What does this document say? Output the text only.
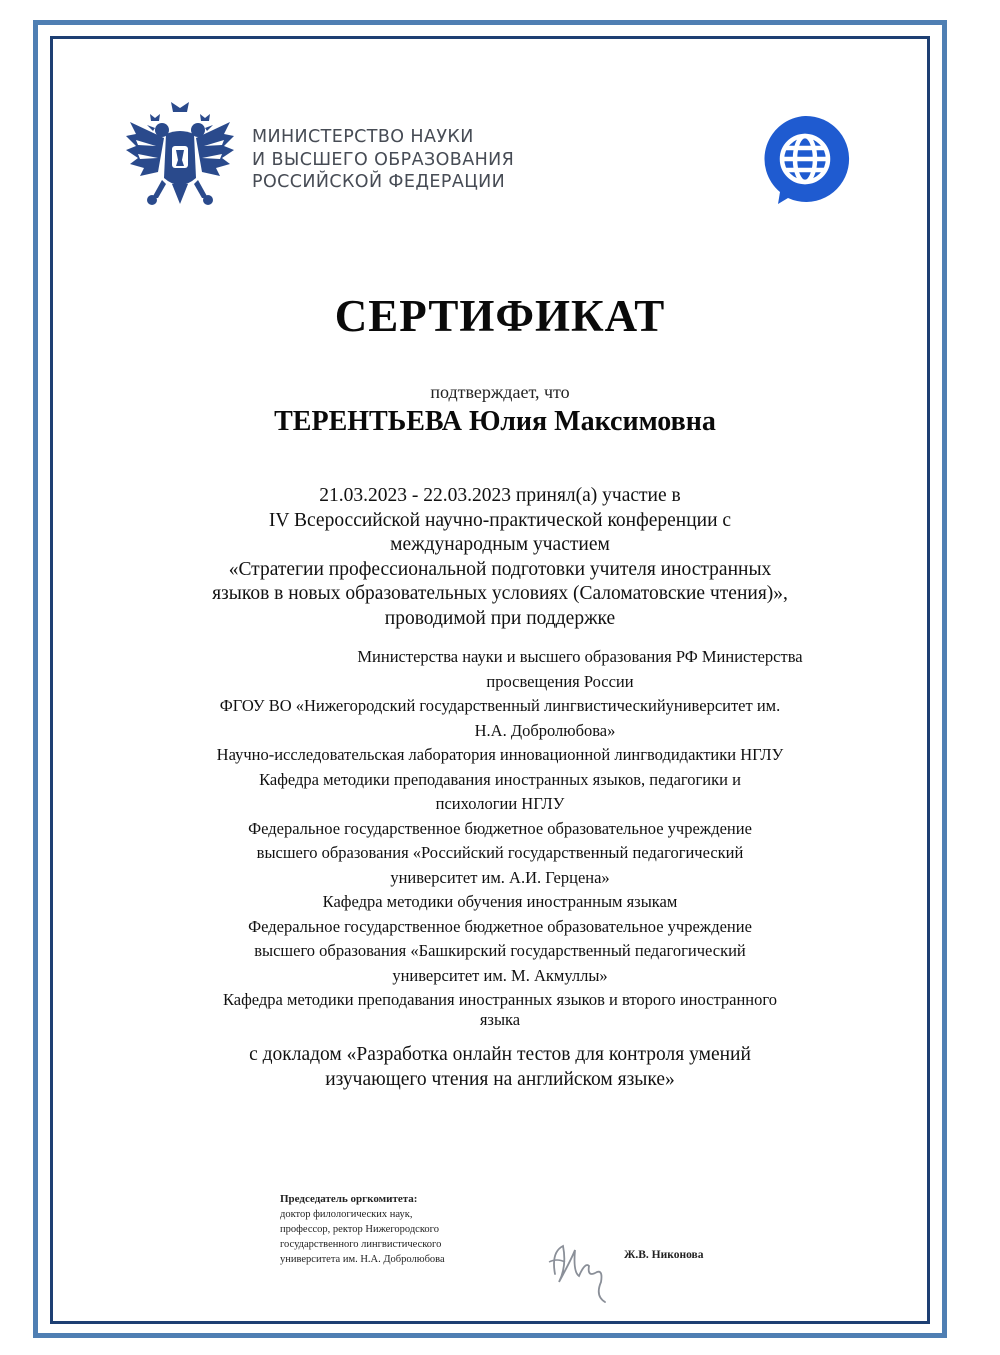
МИНИСТЕРСТВО НАУКИ
И ВЫСШЕГО ОБРАЗОВАНИЯ
РОССИЙСКОЙ ФЕДЕРАЦИИ
СЕРТИФИКАТ
подтверждает, что
ТЕРЕНТЬЕВА Юлия Максимовна
21.03.2023 - 22.03.2023 принял(а) участие в
IV Всероссийской научно-практической конференции с
международным участием
«Стратегии профессиональной подготовки учителя иностранных
языков в новых образовательных условиях (Саломатовские чтения)»,
проводимой при поддержке
Министерства науки и высшего образования РФ Министерства
просвещения России
ФГОУ ВО «Нижегородский государственный лингвистическийуниверситет им.
Н.А. Добролюбова»
Научно-исследовательская лаборатория инновационной лингводидактики НГЛУ
Кафедра методики преподавания иностранных языков, педагогики и
психологии НГЛУ
Федеральное государственное бюджетное образовательное учреждение
высшего образования «Российский государственный педагогический
университет им. А.И. Герцена»
Кафедра методики обучения иностранным языкам
Федеральное государственное бюджетное образовательное учреждение
высшего образования «Башкирский государственный педагогический
университет им. М. Акмуллы»
Кафедра методики преподавания иностранных языков и второго иностранного
языка
с докладом «Разработка онлайн тестов для контроля умений
изучающего чтения на английском языке»
Председатель оргкомитета:
доктор филологических наук,
профессор, ректор Нижегородского
государственного лингвистического
университета им. Н.А. Добролюбова	Ж.В. Никонова
